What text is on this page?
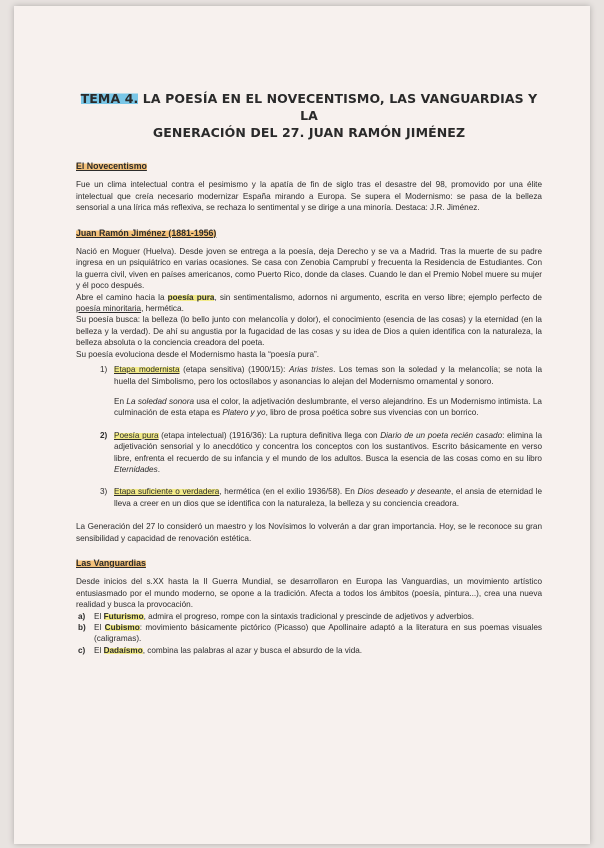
TEMA 4. LA POESÍA EN EL NOVECENTISMO, LAS VANGUARDIAS Y LA
GENERACIÓN DEL 27. JUAN RAMÓN JIMÉNEZ

El Novecentismo

Fue un clima intelectual contra el pesimismo y la apatía de fin de siglo tras el desastre del 98, promovido por una élite intelectual que creía necesario modernizar España mirando a Europa. Se supera el Modernismo: se pasa de la belleza sensorial a una lírica más reflexiva, se rechaza lo sentimental y se dirige a una minoría. Destaca: J.R. Jiménez.

Juan Ramón Jiménez (1881-1956)

Nació en Moguer (Huelva). Desde joven se entrega a la poesía, deja Derecho y se va a Madrid. Tras la muerte de su padre ingresa en un psiquiátrico en varias ocasiones. Se casa con Zenobia Camprubí y frecuenta la Residencia de Estudiantes. Con la guerra civil, viven en países americanos, como Puerto Rico, donde da clases. Cuando le dan el Premio Nobel muere su mujer y él poco después.

Abre el camino hacia la poesía pura, sin sentimentalismo, adornos ni argumento, escrita en verso libre; ejemplo perfecto de poesía minoritaria, hermética.

Su poesía busca: la belleza (lo bello junto con melancolía y dolor), el conocimiento (esencia de las cosas) y la eternidad (en la belleza y la verdad). De ahí su angustia por la fugacidad de las cosas y su idea de Dios a quien identifica con la naturaleza, la belleza absoluta o la conciencia creadora del poeta.

Su poesía evoluciona desde el Modernismo hasta la “poesía pura”.

1) Etapa modernista (etapa sensitiva) (1900/15): Arias tristes. Los temas son la soledad y la melancolía; se nota la huella del Simbolismo, pero los octosílabos y asonancias lo alejan del Modernismo ornamental y sonoro.
En La soledad sonora usa el color, la adjetivación deslumbrante, el verso alejandrino. Es un Modernismo intimista. La culminación de esta etapa es Platero y yo, libro de prosa poética sobre sus vivencias con un borrico.
2) Poesía pura (etapa intelectual) (1916/36): La ruptura definitiva llega con Diario de un poeta recién casado: elimina la adjetivación sensorial y lo anecdótico y concentra los conceptos con los sustantivos. Escrito básicamente en verso libre, enfrenta el recuerdo de su infancia y el mundo de los adultos. Busca la esencia de las cosas como en su libro Eternidades.
3) Etapa suficiente o verdadera, hermética (en el exilio 1936/58). En Dios deseado y deseante, el ansia de eternidad le lleva a creer en un dios que se identifica con la naturaleza, la belleza y su conciencia creadora.

La Generación del 27 lo consideró un maestro y los Novísimos lo volverán a dar gran importancia. Hoy, se le reconoce su gran sensibilidad y capacidad de renovación estética.

Las Vanguardias

Desde inicios del s.XX hasta la II Guerra Mundial, se desarrollaron en Europa las Vanguardias, un movimiento artístico entusiasmado por el mundo moderno, se opone a la tradición. Afecta a todos los ámbitos (poesía, pintura...), crea una nueva realidad y busca la provocación.

a) El Futurismo, admira el progreso, rompe con la sintaxis tradicional y prescinde de adjetivos y adverbios.
b) El Cubismo: movimiento básicamente pictórico (Picasso) que Apollinaire adaptó a la literatura en sus poemas visuales (caligramas).
c) El Dadaísmo, combina las palabras al azar y busca el absurdo de la vida.
